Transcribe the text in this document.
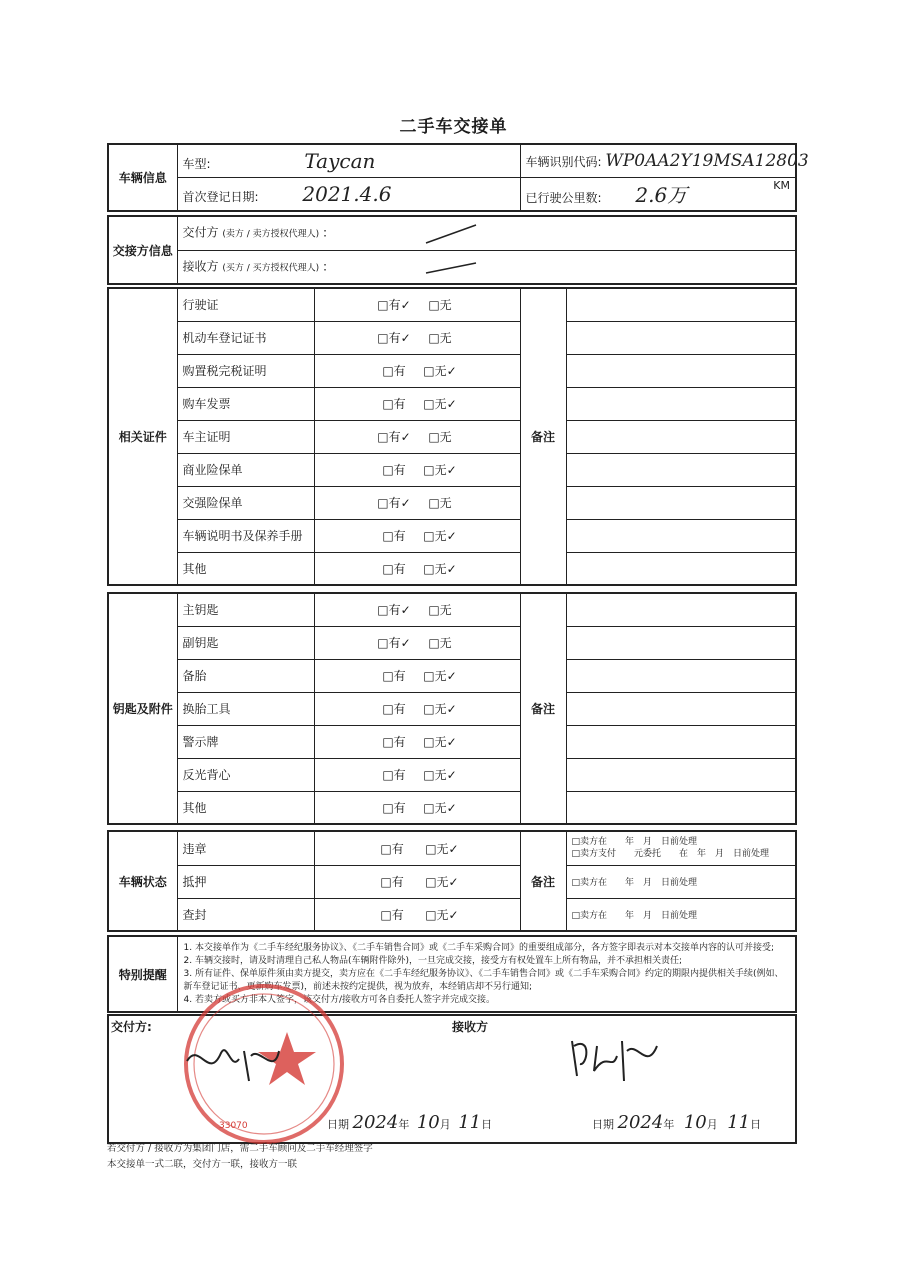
二手车交接单
车辆信息	车型: Taycan	车辆识别代码: WP0AA2Y19MSA12803
	首次登记日期: 2021.4.6	已行驶公里数: 2.6万 KM
交接方信息	交付方 (卖方 / 卖方授权代理人) :
接收方 (买方 / 买方授权代理人) :
相关证件	行驶证	□有✓ □无	备注	
	机动车登记证书	□有✓ □无		
	购置税完税证明	□有 □无✓		
	购车发票	□有 □无✓		
	车主证明	□有✓ □无		
	商业险保单	□有 □无✓		
	交强险保单	□有✓ □无		
	车辆说明书及保养手册	□有 □无✓		
	其他	□有 □无✓		
钥匙及附件	主钥匙	□有✓ □无	备注	
	副钥匙	□有✓ □无		
	备胎	□有 □无✓		
	换胎工具	□有 □无✓		
	警示牌	□有 □无✓		
	反光背心	□有 □无✓		
	其他	□有 □无✓		
车辆状态	违章	□有 □无✓	备注	□卖方在　　年　月　日前处理
□卖方支付　　元委托　　在　年　月　日前处理

	抵押	□有 □无✓		□卖方在　　年　月　日前处理
	查封	□有 □无✓		□卖方在　　年　月　日前处理
特别提醒	
1. 本交接单作为《二手车经纪服务协议》、《二手车销售合同》或《二手车采购合同》的重要组成部分，各方签字即表示对本交接单内容的认可并接受;
2. 车辆交接时，请及时清理自己私人物品(车辆附件除外)，一旦完成交接，接受方有权处置车上所有物品，并不承担相关责任;
3. 所有证件、保单原件须由卖方提交，卖方应在《二手车经纪服务协议》、《二手车销售合同》或《二手车采购合同》约定的期限内提供相关手续(例如、新车登记证书、更新购车发票)，前述未按约定提供，视为放弃，本经销店却不另行通知;
4. 若卖方或买方非本人签字，该交付方/接收方可各自委托人签字并完成交接。
交付方:
33070	日期 2024年 10月 11日

接收方
日期 2024年 10月 11日
若交付方 / 接收方为集团门店，需二手车顾问及二手车经理签字
本交接单一式二联，交付方一联，接收方一联
